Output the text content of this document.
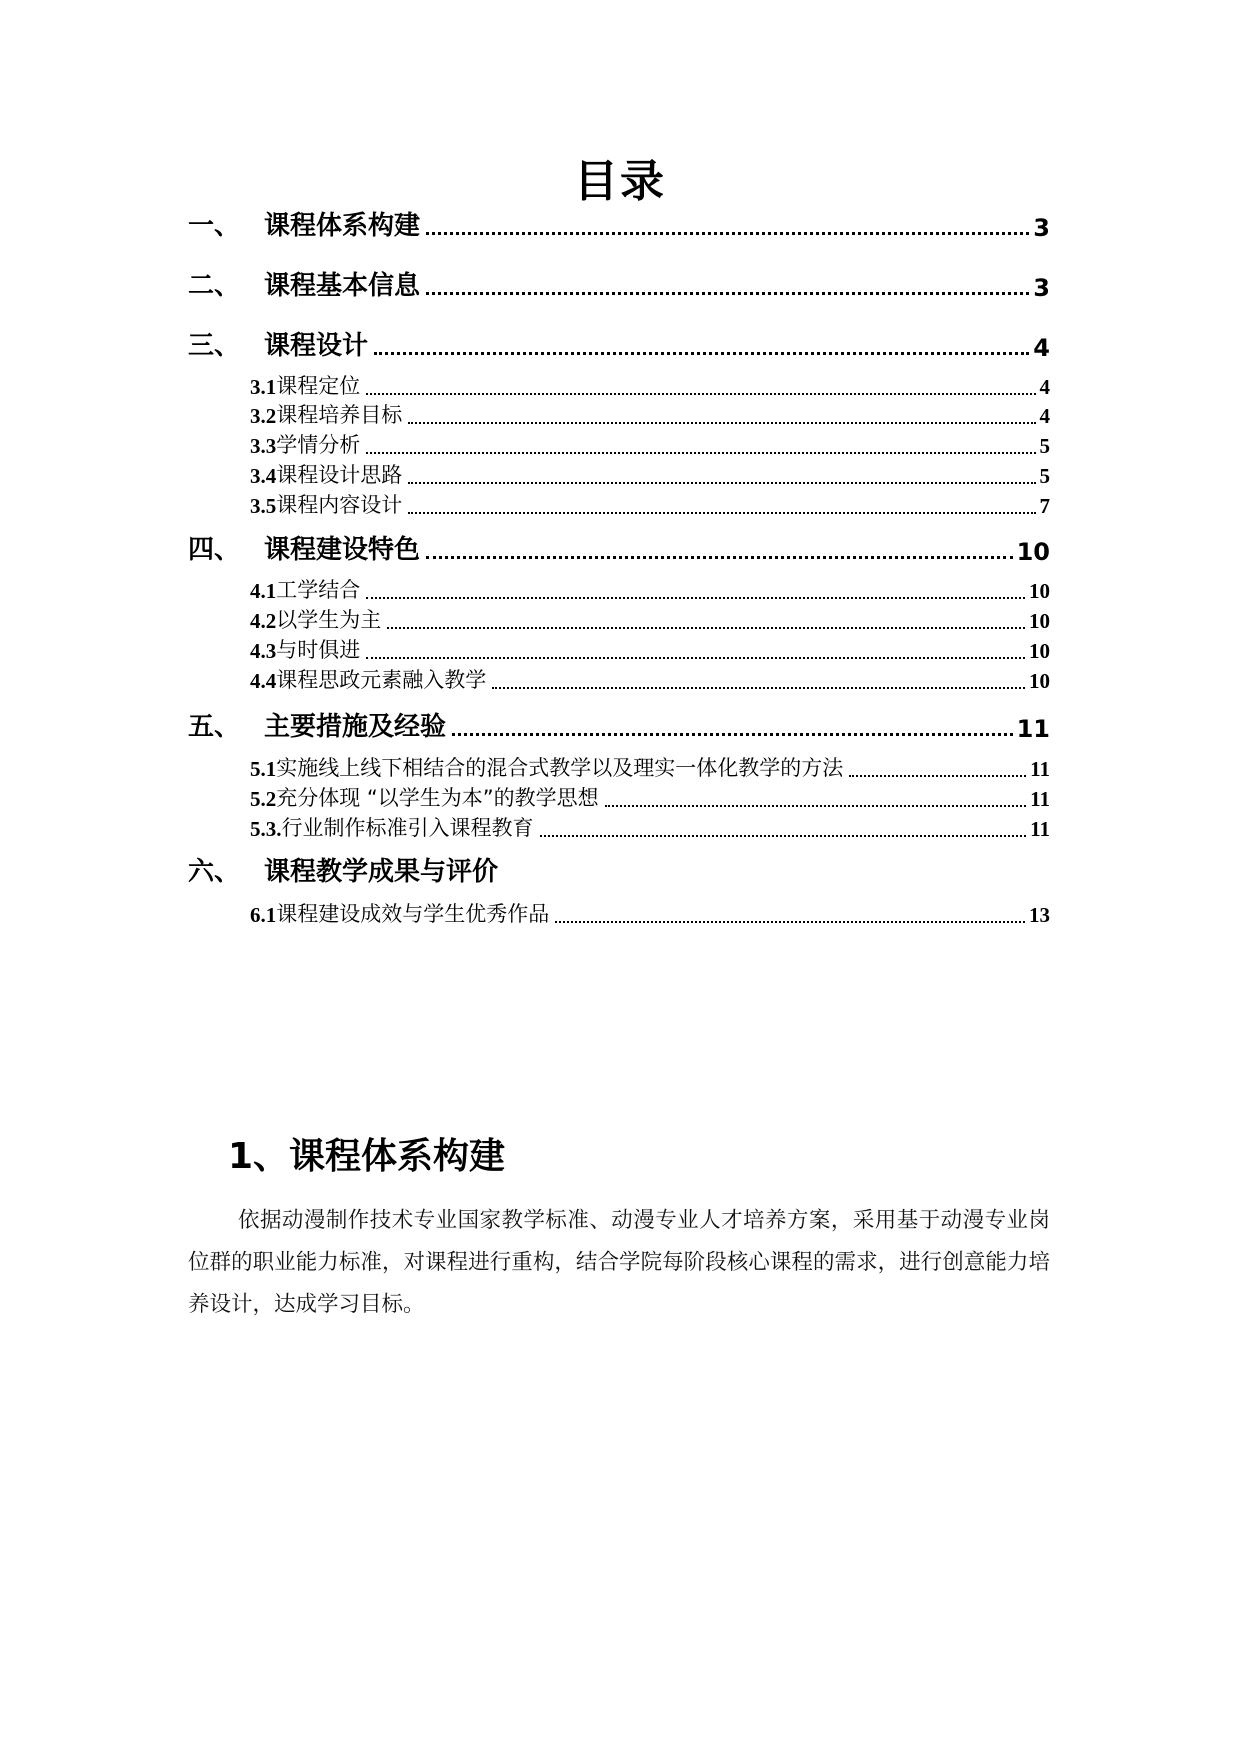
目录
一、 课程体系构建	3
二、 课程基本信息	3
三、 课程设计	4
3.1 课程定位	4
3.2 课程培养目标	4
3.3 学情分析	5
3.4 课程设计思路	5
3.5 课程内容设计	7
四、 课程建设特色	10
4.1 工学结合	10
4.2 以学生为主	10
4.3 与时俱进	10
4.4 课程思政元素融入教学	10
五、 主要措施及经验	11
5.1 实施线上线下相结合的混合式教学以及理实一体化教学的方法	11
5.2 充分体现 “以学生为本”的教学思想	11
5.3. 行业制作标准引入课程教育	11
六、 课程教学成果与评价
6.1 课程建设成效与学生优秀作品	13
1、课程体系构建
依据动漫制作技术专业国家教学标准、动漫专业人才培养方案，采用基于动漫专业岗位群的职业能力标准，对课程进行重构，结合学院每阶段核心课程的需求，进行创意能力培养设计，达成学习目标。
